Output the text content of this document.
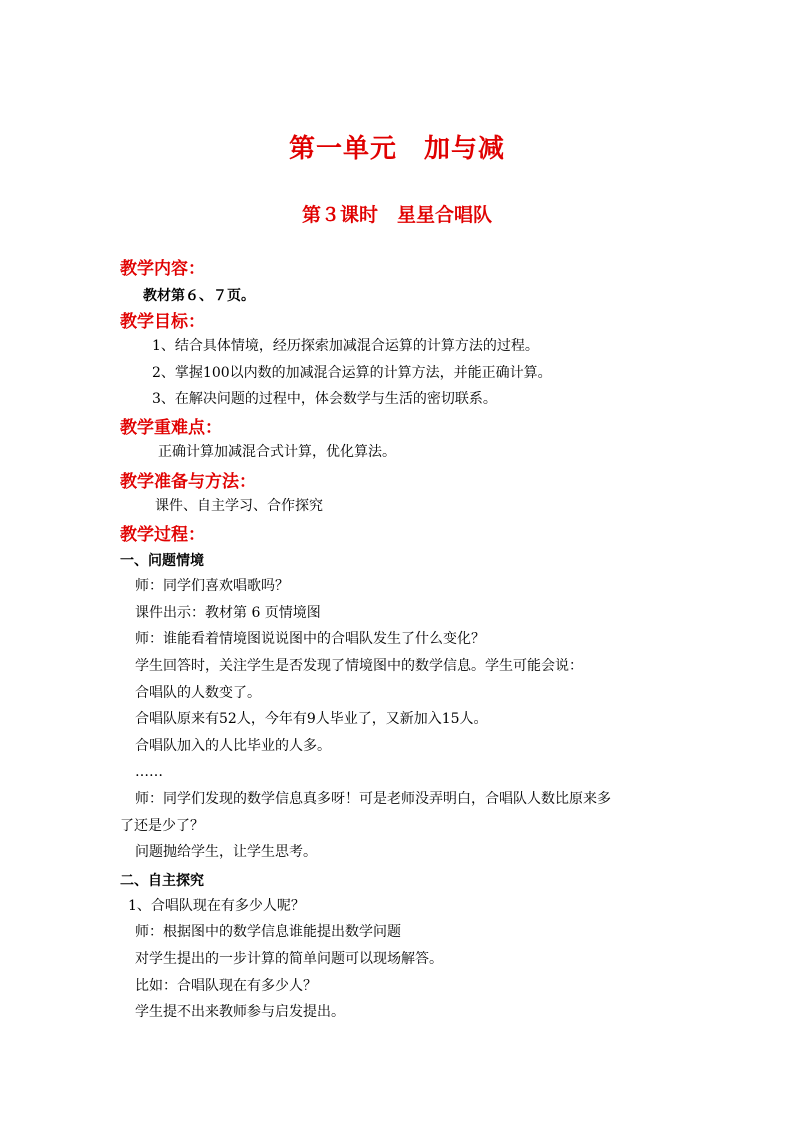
第一单元　加与减
第３课时　星星合唱队
教学内容：
教材第６、７页。
教学目标：
1、结合具体情境，经历探索加减混合运算的计算方法的过程。
2、掌握100以内数的加减混合运算的计算方法，并能正确计算。
3、在解决问题的过程中，体会数学与生活的密切联系。
教学重难点：
正确计算加减混合式计算，优化算法。
教学准备与方法：
课件、自主学习、合作探究
教学过程：
一、问题情境
师：同学们喜欢唱歌吗？
课件出示：教材第 6 页情境图
师：谁能看着情境图说说图中的合唱队发生了什么变化？
学生回答时，关注学生是否发现了情境图中的数学信息。学生可能会说：
合唱队的人数变了。
合唱队原来有52人，今年有9人毕业了，又新加入15人。
合唱队加入的人比毕业的人多。
……
师：同学们发现的数学信息真多呀！可是老师没弄明白，合唱队人数比原来多
了还是少了？
问题抛给学生，让学生思考。
二、自主探究
1、合唱队现在有多少人呢？
师：根据图中的数学信息谁能提出数学问题
对学生提出的一步计算的简单问题可以现场解答。
比如：合唱队现在有多少人？
学生提不出来教师参与启发提出。
